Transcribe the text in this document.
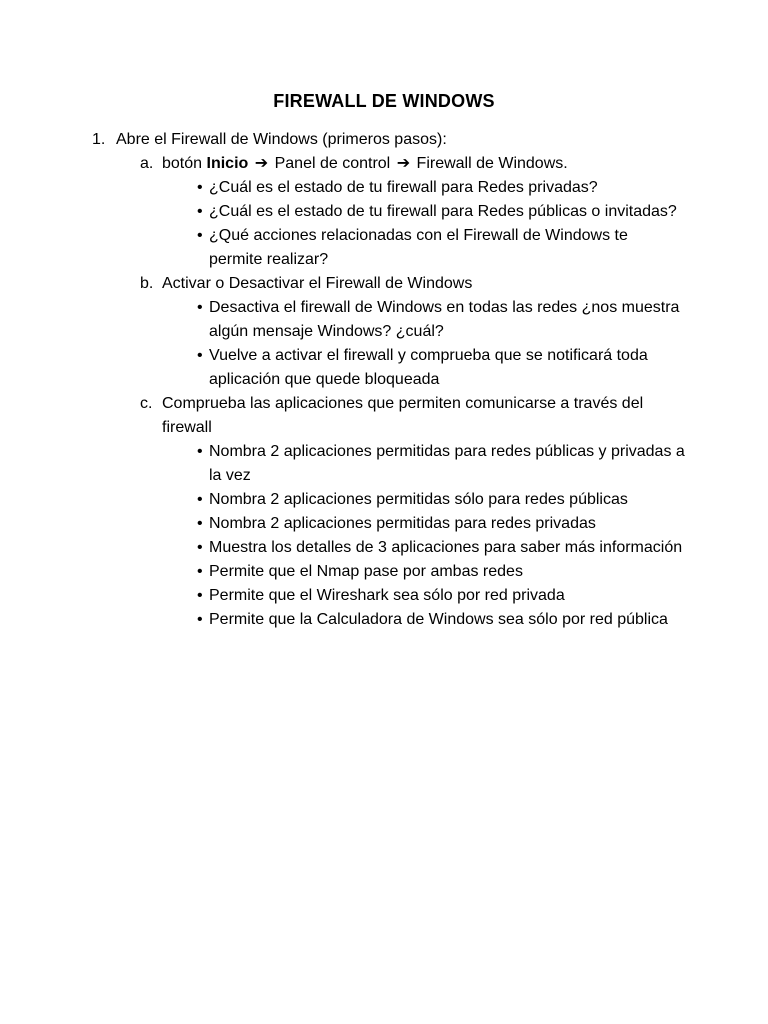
FIREWALL DE WINDOWS
1. Abre el Firewall de Windows (primeros pasos):
a. botón Inicio ➔ Panel de control ➔ Firewall de Windows.
• ¿Cuál es el estado de tu firewall para Redes privadas?
• ¿Cuál es el estado de tu firewall para Redes públicas o invitadas?
• ¿Qué acciones relacionadas con el Firewall de Windows te
permite realizar?
b. Activar o Desactivar el Firewall de Windows
• Desactiva el firewall de Windows en todas las redes ¿nos muestra
algún mensaje Windows? ¿cuál?
• Vuelve a activar el firewall y comprueba que se notificará toda
aplicación que quede bloqueada
c. Comprueba las aplicaciones que permiten comunicarse a través del
firewall
• Nombra 2 aplicaciones permitidas para redes públicas y privadas a
la vez
• Nombra 2 aplicaciones permitidas sólo para redes públicas
• Nombra 2 aplicaciones permitidas para redes privadas
• Muestra los detalles de 3 aplicaciones para saber más información
• Permite que el Nmap pase por ambas redes
• Permite que el Wireshark sea sólo por red privada
• Permite que la Calculadora de Windows sea sólo por red pública
